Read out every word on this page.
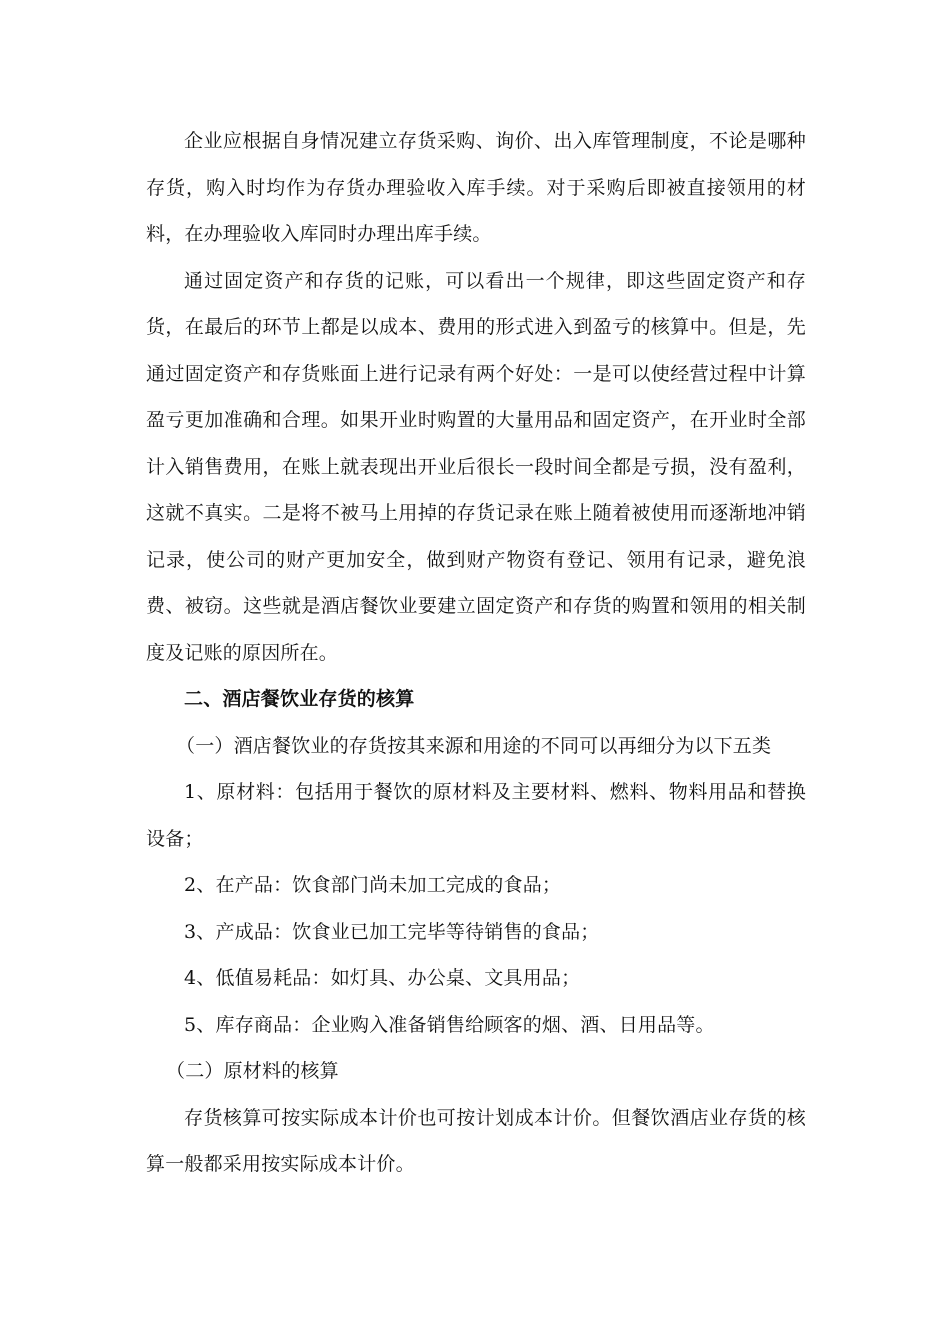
企业应根据自身情况建立存货采购、询价、出入库管理制度，不论是哪种存货，购入时均作为存货办理验收入库手续。对于采购后即被直接领用的材料，在办理验收入库同时办理出库手续。

通过固定资产和存货的记账，可以看出一个规律，即这些固定资产和存货，在最后的环节上都是以成本、费用的形式进入到盈亏的核算中。但是，先通过固定资产和存货账面上进行记录有两个好处：一是可以使经营过程中计算盈亏更加准确和合理。如果开业时购置的大量用品和固定资产，在开业时全部计入销售费用，在账上就表现出开业后很长一段时间全都是亏损，没有盈利，这就不真实。二是将不被马上用掉的存货记录在账上随着被使用而逐渐地冲销记录，使公司的财产更加安全，做到财产物资有登记、领用有记录，避免浪费、被窃。这些就是酒店餐饮业要建立固定资产和存货的购置和领用的相关制度及记账的原因所在。

二、酒店餐饮业存货的核算

（一）酒店餐饮业的存货按其来源和用途的不同可以再细分为以下五类

1、原材料：包括用于餐饮的原材料及主要材料、燃料、物料用品和替换设备；

2、在产品：饮食部门尚未加工完成的食品；

3、产成品：饮食业已加工完毕等待销售的食品；

4、低值易耗品：如灯具、办公桌、文具用品；

5、库存商品：企业购入准备销售给顾客的烟、酒、日用品等。

（二）原材料的核算

存货核算可按实际成本计价也可按计划成本计价。但餐饮酒店业存货的核算一般都采用按实际成本计价。
